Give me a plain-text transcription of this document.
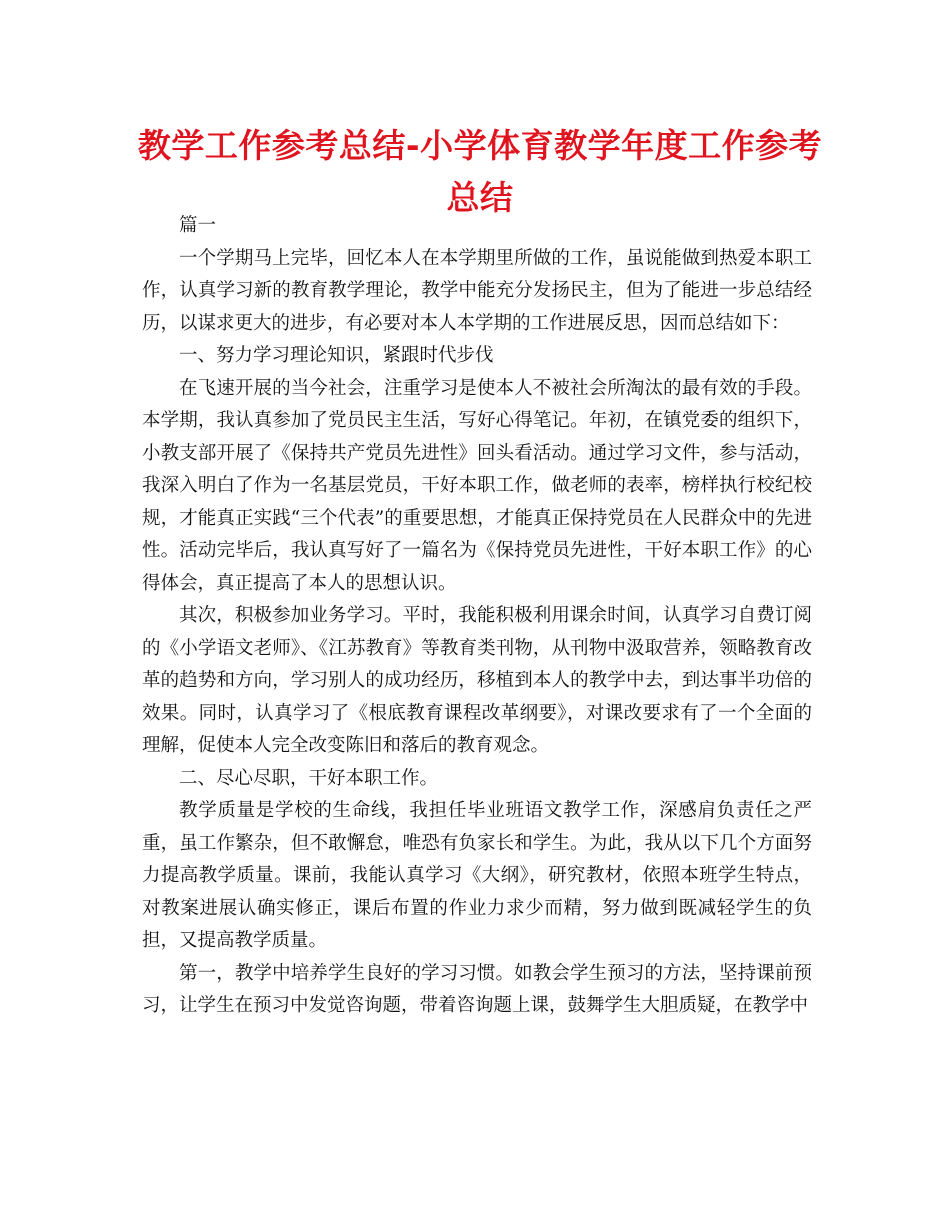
教学工作参考总结-小学体育教学年度工作参考总结

篇一

一个学期马上完毕，回忆本人在本学期里所做的工作，虽说能做到热爱本职工作，认真学习新的教育教学理论，教学中能充分发扬民主，但为了能进一步总结经历，以谋求更大的进步，有必要对本人本学期的工作进展反思，因而总结如下：

一、努力学习理论知识，紧跟时代步伐

在飞速开展的当今社会，注重学习是使本人不被社会所淘汰的最有效的手段。本学期，我认真参加了党员民主生活，写好心得笔记。年初，在镇党委的组织下，小教支部开展了《保持共产党员先进性》回头看活动。通过学习文件，参与活动，我深入明白了作为一名基层党员，干好本职工作，做老师的表率，榜样执行校纪校规，才能真正实践“三个代表”的重要思想，才能真正保持党员在人民群众中的先进性。活动完毕后，我认真写好了一篇名为《保持党员先进性，干好本职工作》的心得体会，真正提高了本人的思想认识。

其次，积极参加业务学习。平时，我能积极利用课余时间，认真学习自费订阅的《小学语文老师》、《江苏教育》等教育类刊物，从刊物中汲取营养，领略教育改革的趋势和方向，学习别人的成功经历，移植到本人的教学中去，到达事半功倍的效果。同时，认真学习了《根底教育课程改革纲要》，对课改要求有了一个全面的理解，促使本人完全改变陈旧和落后的教育观念。

二、尽心尽职，干好本职工作。

教学质量是学校的生命线，我担任毕业班语文教学工作，深感肩负责任之严重，虽工作繁杂，但不敢懈怠，唯恐有负家长和学生。为此，我从以下几个方面努力提高教学质量。课前，我能认真学习《大纲》，研究教材，依照本班学生特点，对教案进展认确实修正，课后布置的作业力求少而精，努力做到既减轻学生的负担，又提高教学质量。

第一，教学中培养学生良好的学习习惯。如教会学生预习的方法，坚持课前预习，让学生在预习中发觉咨询题，带着咨询题上课，鼓舞学生大胆质疑，在教学中
